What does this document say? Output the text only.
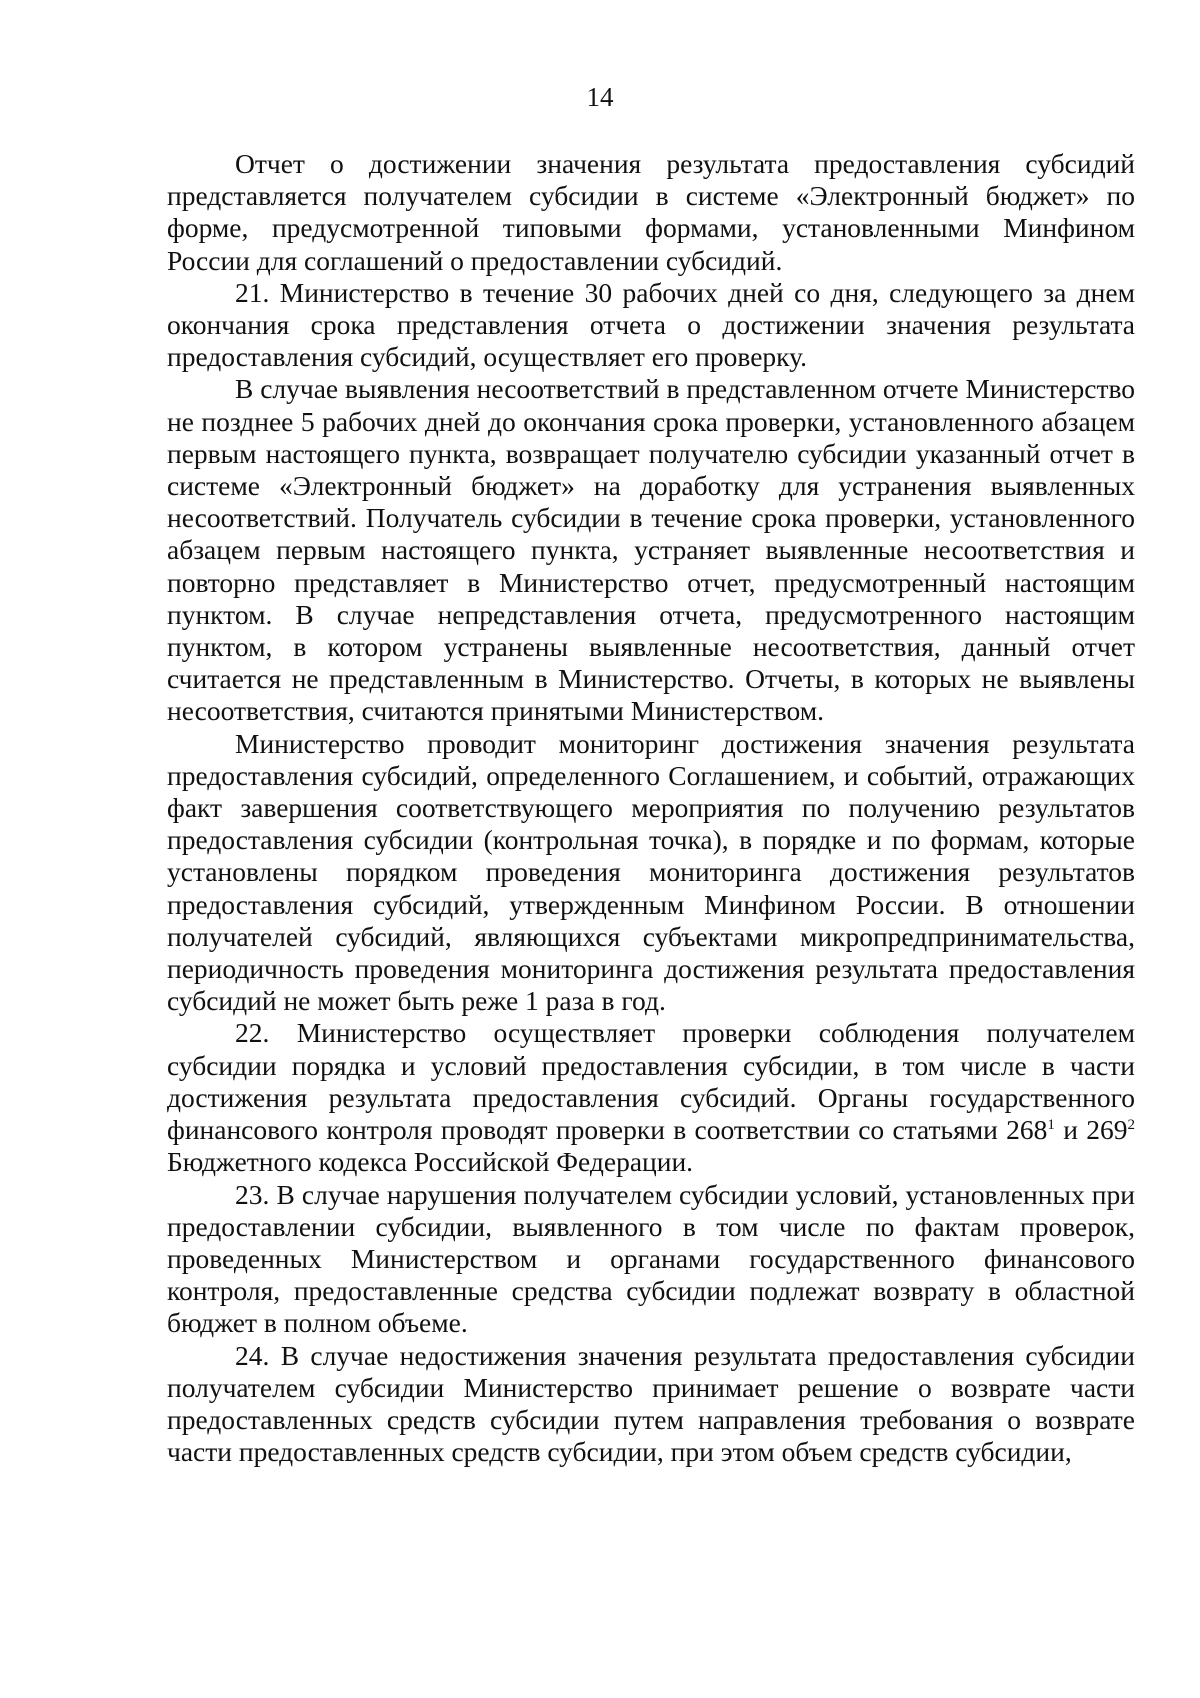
14

Отчет о достижении значения результата предоставления субсидий представляется получателем субсидии в системе «Электронный бюджет» по форме, предусмотренной типовыми формами, установленными Минфином России для соглашений о предоставлении субсидий.

21. Министерство в течение 30 рабочих дней со дня, следующего за днем окончания срока представления отчета о достижении значения результата предоставления субсидий, осуществляет его проверку.

В случае выявления несоответствий в представленном отчете Министерство не позднее 5 рабочих дней до окончания срока проверки, установленного абзацем первым настоящего пункта, возвращает получателю субсидии указанный отчет в системе «Электронный бюджет» на доработку для устранения выявленных несоответствий. Получатель субсидии в течение срока проверки, установленного абзацем первым настоящего пункта, устраняет выявленные несоответствия и повторно представляет в Министерство отчет, предусмотренный настоящим пунктом. В случае непредставления отчета, предусмотренного настоящим пунктом, в котором устранены выявленные несоответствия, данный отчет считается не представленным в Министерство. Отчеты, в которых не выявлены несоответствия, считаются принятыми Министерством.

Министерство проводит мониторинг достижения значения результата предоставления субсидий, определенного Соглашением, и событий, отражающих факт завершения соответствующего мероприятия по получению результатов предоставления субсидии (контрольная точка), в порядке и по формам, которые установлены порядком проведения мониторинга достижения результатов предоставления субсидий, утвержденным Минфином России. В отношении получателей субсидий, являющихся субъектами микропредпринимательства, периодичность проведения мониторинга достижения результата предоставления субсидий не может быть реже 1 раза в год.

22. Министерство осуществляет проверки соблюдения получателем субсидии порядка и условий предоставления субсидии, в том числе в части достижения результата предоставления субсидий. Органы государственного финансового контроля проводят проверки в соответствии со статьями $268^1$ и $269^2$ Бюджетного кодекса Российской Федерации.

23. В случае нарушения получателем субсидии условий, установленных при предоставлении субсидии, выявленного в том числе по фактам проверок, проведенных Министерством и органами государственного финансового контроля, предоставленные средства субсидии подлежат возврату в областной бюджет в полном объеме.

24. В случае недостижения значения результата предоставления субсидии получателем субсидии Министерство принимает решение о возврате части предоставленных средств субсидии путем направления требования о возврате части предоставленных средств субсидии, при этом объем средств субсидии,
